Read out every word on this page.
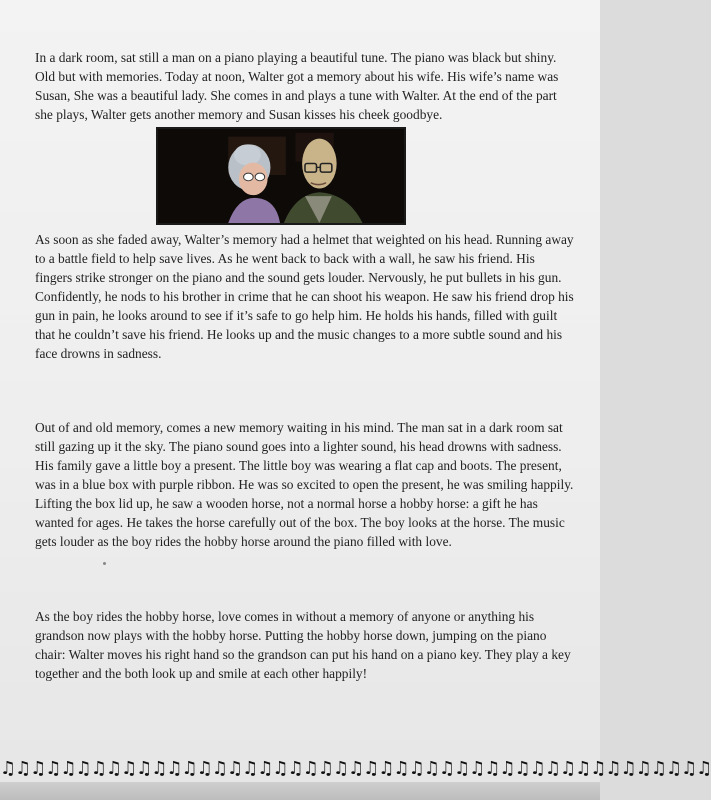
In a dark room, sat still a man on a piano playing a beautiful tune. The piano was black but shiny. Old but with memories. Today at noon, Walter got a memory about his wife. His wife’s name was Susan, She was a beautiful lady. She comes in and plays a tune with Walter. At the end of the part she plays, Walter gets another memory and Susan kisses his cheek goodbye.

As soon as she faded away, Walter’s memory had a helmet that weighted on his head. Running away to a battle field to help save lives. As he went back to back with a wall, he saw his friend. His fingers strike stronger on the piano and the sound gets louder. Nervously, he put bullets in his gun. Confidently, he nods to his brother in crime that he can shoot his weapon. He saw his friend drop his gun in pain, he looks around to see if it’s safe to go help him. He holds his hands, filled with guilt that he couldn’t save his friend. He looks up and the music changes to a more subtle sound and his face drowns in sadness.

Out of and old memory, comes a new memory waiting in his mind. The man sat in a dark room sat still gazing up it the sky. The piano sound goes into a lighter sound, his head drowns with sadness. His family gave a little boy a present. The little boy was wearing a flat cap and boots. The present, was in a blue box with purple ribbon. He was so excited to open the present, he was smiling happily. Lifting the box lid up, he saw a wooden horse, not a normal horse a hobby horse: a gift he has wanted for ages. He takes the horse carefully out of the box. The boy looks at the horse. The music gets louder as the boy rides the hobby horse around the piano filled with love.

As the boy rides the hobby horse, love comes in without a memory of anyone or anything his grandson now plays with the hobby horse. Putting the hobby horse down, jumping on the piano chair: Walter moves his right hand so the grandson can put his hand on a piano key. They play a key together and the both look up and smile at each other happily!

♫♫♫♫♫♫♫♫♫♫♫♫♫♫♫♫♫♫♫♫♫♫♫♫♫♫♫♫♫♫♫♫♫♫♫♫♫♫♫♫♫♫♫♫♫♫♫
